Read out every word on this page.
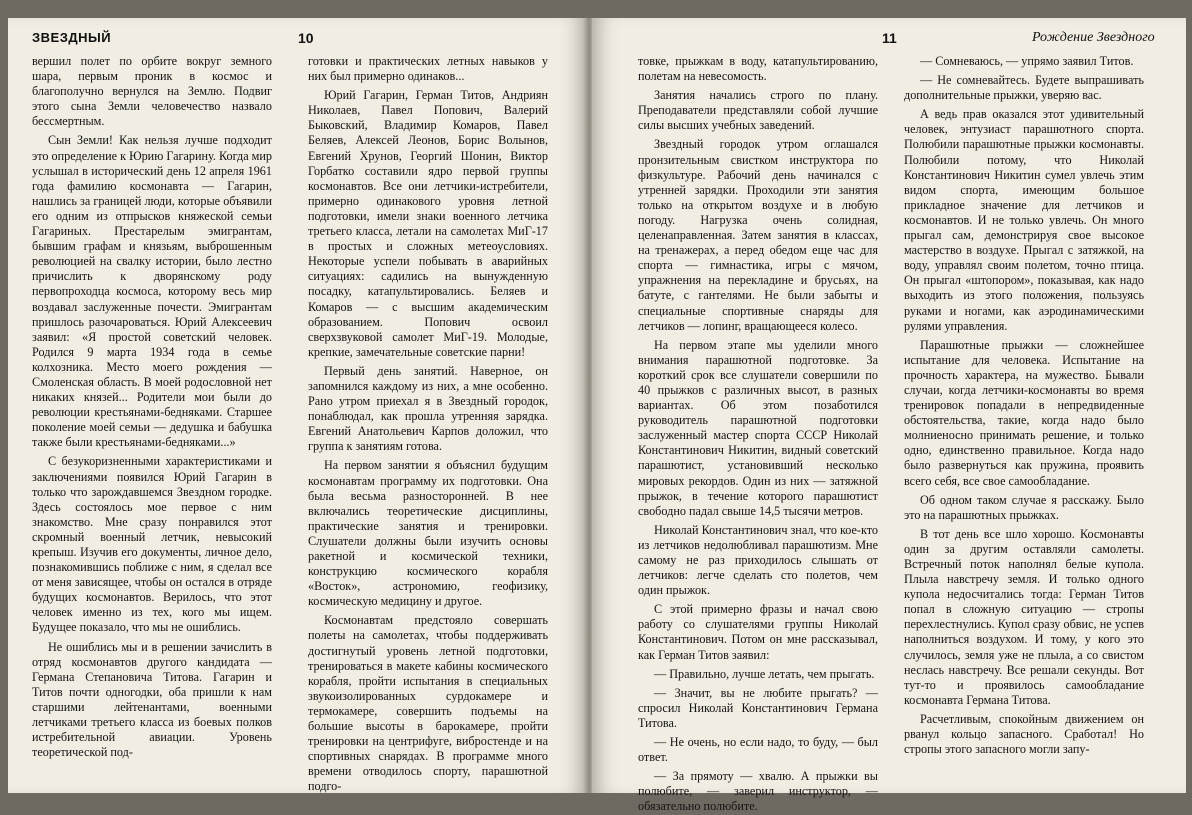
ЗВЕЗДНЫЙ	10

вершил полет по орбите вокруг земного шара, первым проник в космос и благополучно вернулся на Землю. Подвиг этого сына Земли человечество назвало бессмертным.

Сын Земли! Как нельзя лучше подходит это определение к Юрию Гагарину. Когда мир услышал в исторический день 12 апреля 1961 года фамилию космонавта — Гагарин, нашлись за границей люди, которые объявили его одним из отпрысков княжеской семьи Гагариных. Престарелым эмигрантам, бывшим графам и князьям, выброшенным революцией на свалку истории, было лестно причислить к дворянскому роду первопроходца космоса, которому весь мир воздавал заслуженные почести. Эмигрантам пришлось разочароваться. Юрий Алексеевич заявил: «Я простой советский человек. Родился 9 марта 1934 года в семье колхозника. Место моего рождения — Смоленская область. В моей родословной нет никаких князей... Родители мои были до революции крестьянами-бедняками. Старшее поколение моей семьи — дедушка и бабушка также были крестьянами-бедняками...»

С безукоризненными характеристиками и заключениями появился Юрий Гагарин в только что зарождавшемся Звездном городке. Здесь состоялось мое первое с ним знакомство. Мне сразу понравился этот скромный военный летчик, невысокий крепыш. Изучив его документы, личное дело, познакомившись поближе с ним, я сделал все от меня зависящее, чтобы он остался в отряде будущих космонавтов. Верилось, что этот человек именно из тех, кого мы ищем. Будущее показало, что мы не ошиблись.

Не ошиблись мы и в решении зачислить в отряд космонавтов другого кандидата — Германа Степановича Титова. Гагарин и Титов почти одногодки, оба пришли к нам старшими лейтенантами, военными летчиками третьего класса из боевых полков истребительной авиации. Уровень теоретической под-

готовки и практических летных навыков у них был примерно одинаков...

Юрий Гагарин, Герман Титов, Андриян Николаев, Павел Попович, Валерий Быковский, Владимир Комаров, Павел Беляев, Алексей Леонов, Борис Волынов, Евгений Хрунов, Георгий Шонин, Виктор Горбатко составили ядро первой группы космонавтов. Все они летчики-истребители, примерно одинакового уровня летной подготовки, имели знаки военного летчика третьего класса, летали на самолетах МиГ-17 в простых и сложных метеоусловиях. Некоторые успели побывать в аварийных ситуациях: садились на вынужденную посадку, катапультировались. Беляев и Комаров — с высшим академическим образованием. Попович освоил сверхзвуковой самолет МиГ-19. Молодые, крепкие, замечательные советские парни!

Первый день занятий. Наверное, он запомнился каждому из них, а мне особенно. Рано утром приехал я в Звездный городок, понаблюдал, как прошла утренняя зарядка. Евгений Анатольевич Карпов доложил, что группа к занятиям готова.

На первом занятии я объяснил будущим космонавтам программу их подготовки. Она была весьма разносторонней. В нее включались теоретические дисциплины, практические занятия и тренировки. Слушатели должны были изучить основы ракетной и космической техники, конструкцию космического корабля «Восток», астрономию, геофизику, космическую медицину и другое.

Космонавтам предстояло совершать полеты на самолетах, чтобы поддерживать достигнутый уровень летной подготовки, тренироваться в макете кабины космического корабля, пройти испытания в специальных звукоизолированных сурдокамере и термокамере, совершить подъемы на большие высоты в барокамере, пройти тренировки на центрифуге, вибростенде и на спортивных снарядах. В программе много времени отводилось спорту, парашютной подго-

11	Рождение Звездного

товке, прыжкам в воду, катапультированию, полетам на невесомость.

Занятия начались строго по плану. Преподаватели представляли собой лучшие силы высших учебных заведений.

Звездный городок утром оглашался пронзительным свистком инструктора по физкультуре. Рабочий день начинался с утренней зарядки. Проходили эти занятия только на открытом воздухе и в любую погоду. Нагрузка очень солидная, целенаправленная. Затем занятия в классах, на тренажерах, а перед обедом еще час для спорта — гимнастика, игры с мячом, упражнения на перекладине и брусьях, на батуте, с гантелями. Не были забыты и специальные спортивные снаряды для летчиков — лопинг, вращающееся колесо.

На первом этапе мы уделили много внимания парашютной подготовке. За короткий срок все слушатели совершили по 40 прыжков с различных высот, в разных вариантах. Об этом позаботился руководитель парашютной подготовки заслуженный мастер спорта СССР Николай Константинович Никитин, видный советский парашютист, установивший несколько мировых рекордов. Один из них — затяжной прыжок, в течение которого парашютист свободно падал свыше 14,5 тысячи метров.

Николай Константинович знал, что кое-кто из летчиков недолюбливал парашютизм. Мне самому не раз приходилось слышать от летчиков: легче сделать сто полетов, чем один прыжок.

С этой примерно фразы и начал свою работу со слушателями группы Николай Константинович. Потом он мне рассказывал, как Герман Титов заявил:

— Правильно, лучше летать, чем прыгать.

— Значит, вы не любите прыгать? — спросил Николай Константинович Германа Титова.

— Не очень, но если надо, то буду, — был ответ.

— За прямоту — хвалю. А прыжки вы полюбите, — заверил инструктор, — обязательно полюбите.

— Сомневаюсь, — упрямо заявил Титов.

— Не сомневайтесь. Будете выпрашивать дополнительные прыжки, уверяю вас.

А ведь прав оказался этот удивительный человек, энтузиаст парашютного спорта. Полюбили парашютные прыжки космонавты. Полюбили потому, что Николай Константинович Никитин сумел увлечь этим видом спорта, имеющим большое прикладное значение для летчиков и космонавтов. И не только увлечь. Он много прыгал сам, демонстрируя свое высокое мастерство в воздухе. Прыгал с затяжкой, на воду, управлял своим полетом, точно птица. Он прыгал «штопором», показывая, как надо выходить из этого положения, пользуясь руками и ногами, как аэродинамическими рулями управления.

Парашютные прыжки — сложнейшее испытание для человека. Испытание на прочность характера, на мужество. Бывали случаи, когда летчики-космонавты во время тренировок попадали в непредвиденные обстоятельства, такие, когда надо было молниеносно принимать решение, и только одно, единственно правильное. Когда надо было развернуться как пружина, проявить всего себя, все свое самообладание.

Об одном таком случае я расскажу. Было это на парашютных прыжках.

В тот день все шло хорошо. Космонавты один за другим оставляли самолеты. Встречный поток наполнял белые купола. Плыла навстречу земля. И только одного купола недосчитались тогда: Герман Титов попал в сложную ситуацию — стропы перехлестнулись. Купол сразу обвис, не успев наполниться воздухом. И тому, у кого это случилось, земля уже не плыла, а со свистом неслась навстречу. Все решали секунды. Вот тут-то и проявилось самообладание космонавта Германа Титова.

Расчетливым, спокойным движением он рванул кольцо запасного. Сработал! Но стропы этого запасного могли запу-
